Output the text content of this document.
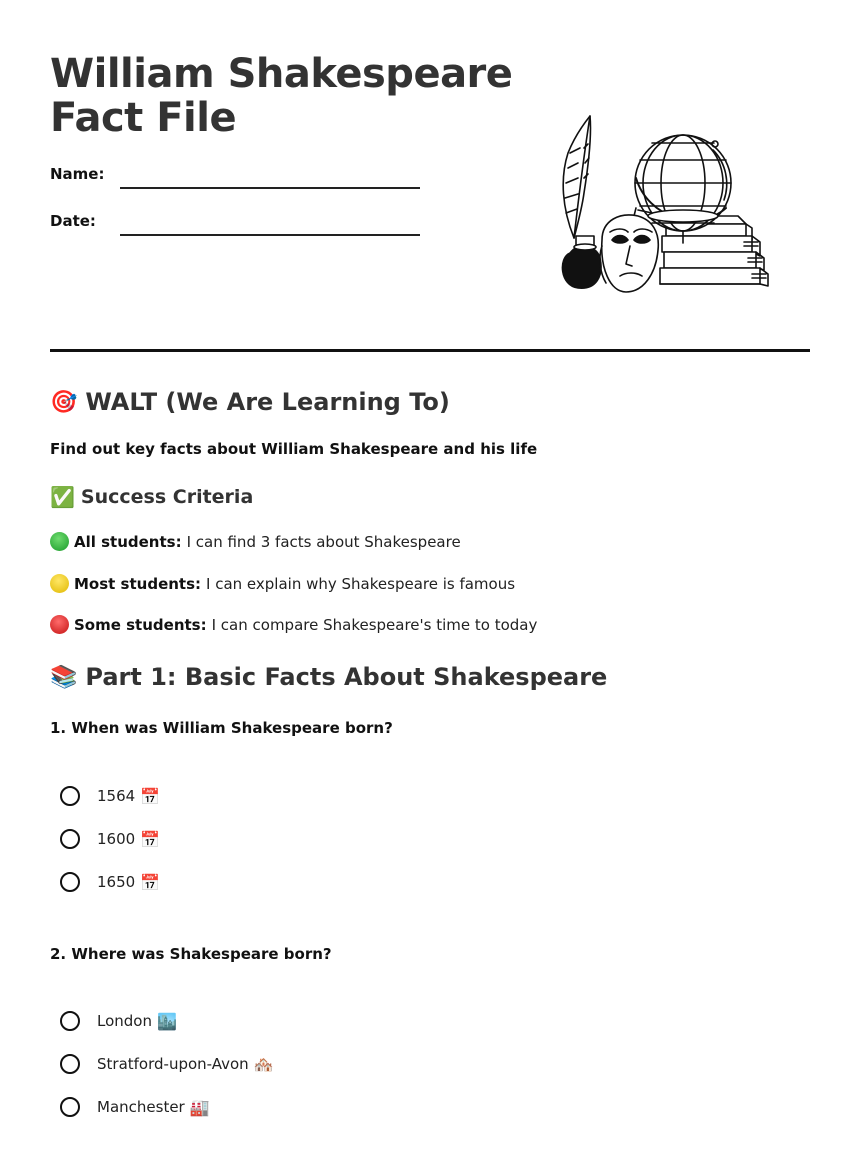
William Shakespeare
Fact File
Name:
Date:
🎯 WALT (We Are Learning To)
Find out key facts about William Shakespeare and his life
✅ Success Criteria
All students: I can find 3 facts about Shakespeare
Most students: I can explain why Shakespeare is famous
Some students: I can compare Shakespeare's time to today
📚 Part 1: Basic Facts About Shakespeare
1. When was William Shakespeare born?
1564 📅
1600 📅
1650 📅
2. Where was Shakespeare born?
London 🏙️
Stratford-upon-Avon 🏘️
Manchester 🏭
